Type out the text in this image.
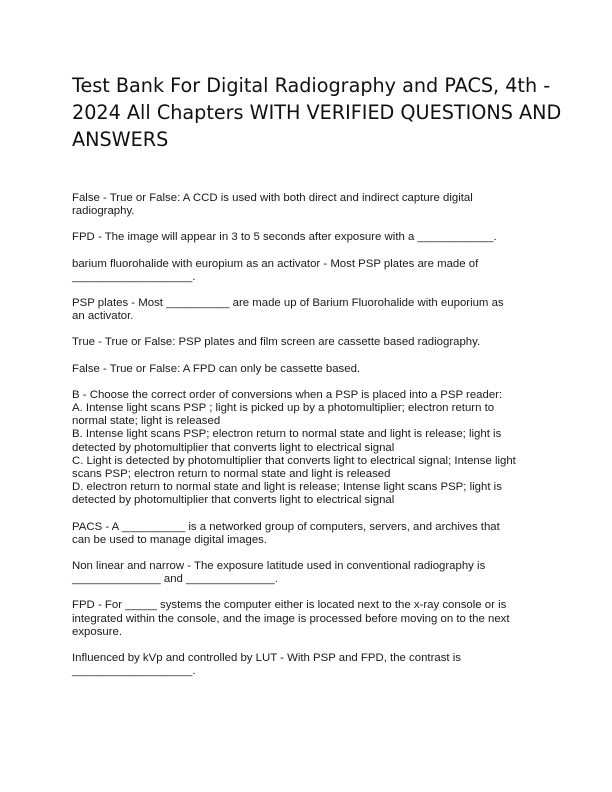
Test Bank For Digital Radiography and PACS, 4th -
2024 All Chapters WITH VERIFIED QUESTIONS AND
ANSWERS
False - True or False: A CCD is used with both direct and indirect capture digital
radiography.
FPD - The image will appear in 3 to 5 seconds after exposure with a ____________.
barium fluorohalide with europium as an activator - Most PSP plates are made of
___________________.
PSP plates - Most __________ are made up of Barium Fluorohalide with euporium as
an activator.
True - True or False: PSP plates and film screen are cassette based radiography.
False - True or False: A FPD can only be cassette based.
B - Choose the correct order of conversions when a PSP is placed into a PSP reader:
A. Intense light scans PSP ; light is picked up by a photomultiplier; electron return to
normal state; light is released
B. Intense light scans PSP; electron return to normal state and light is release; light is
detected by photomultiplier that converts light to electrical signal
C. Light is detected by photomultiplier that converts light to electrical signal; Intense light
scans PSP; electron return to normal state and light is released
D. electron return to normal state and light is release; Intense light scans PSP; light is
detected by photomultiplier that converts light to electrical signal
PACS - A __________ is a networked group of computers, servers, and archives that
can be used to manage digital images.
Non linear and narrow - The exposure latitude used in conventional radiography is
______________ and ______________.
FPD - For _____ systems the computer either is located next to the x-ray console or is
integrated within the console, and the image is processed before moving on to the next
exposure.
Influenced by kVp and controlled by LUT - With PSP and FPD, the contrast is
___________________.
